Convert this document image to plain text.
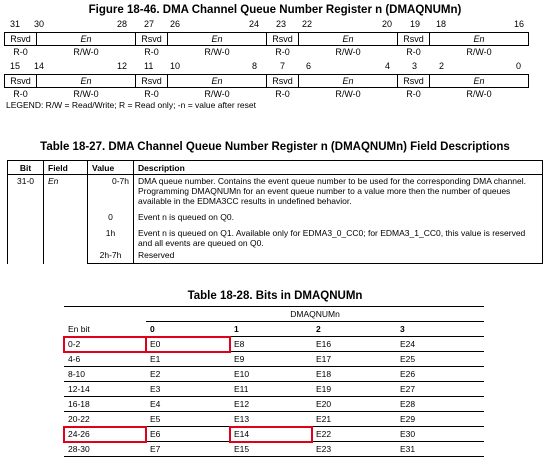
Figure 18-46. DMA Channel Queue Number Register n (DMAQNUMn)
31 30	28 27 26	24 23 22	20 19 18	16
Rsvd	En	Rsvd	En	Rsvd	En	Rsvd	En
R-0	R/W-0	R-0	R/W-0	R-0	R/W-0	R-0	R/W-0
15 14	12 11 10	8	7 6	4 3 2	0
Rsvd	En	Rsvd	En	Rsvd	En	Rsvd	En
R-0	R/W-0	R-0	R/W-0	R-0	R/W-0	R-0	R/W-0
LEGEND: R/W = Read/Write; R = Read only; -n = value after reset
Table 18-27. DMA Channel Queue Number Register n (DMAQNUMn) Field Descriptions
Bit	Field	Value	Description
31-0	En	0-7h	DMA queue number. Contains the event queue number to be used for the corresponding DMA channel. Programming DMAQNUMn for an event queue number to a value more then the number of queues available in the EDMA3CC results in undefined behavior.
		0	Event n is queued on Q0.
		1h	Event n is queued on Q1. Available only for EDMA3_0_CC0; for EDMA3_1_CC0, this value is reserved and all events are queued on Q0.
		2h-7h	Reserved
Table 18-28. Bits in DMAQNUMn
	DMAQNUMn			
En bit	0	1	2	3
0-2	E0	E8	E16	E24
4-6	E1	E9	E17	E25
8-10	E2	E10	E18	E26
12-14	E3	E11	E19	E27
16-18	E4	E12	E20	E28
20-22	E5	E13	E21	E29
24-26	E6	E14	E22	E30
28-30	E7	E15	E23	E31
